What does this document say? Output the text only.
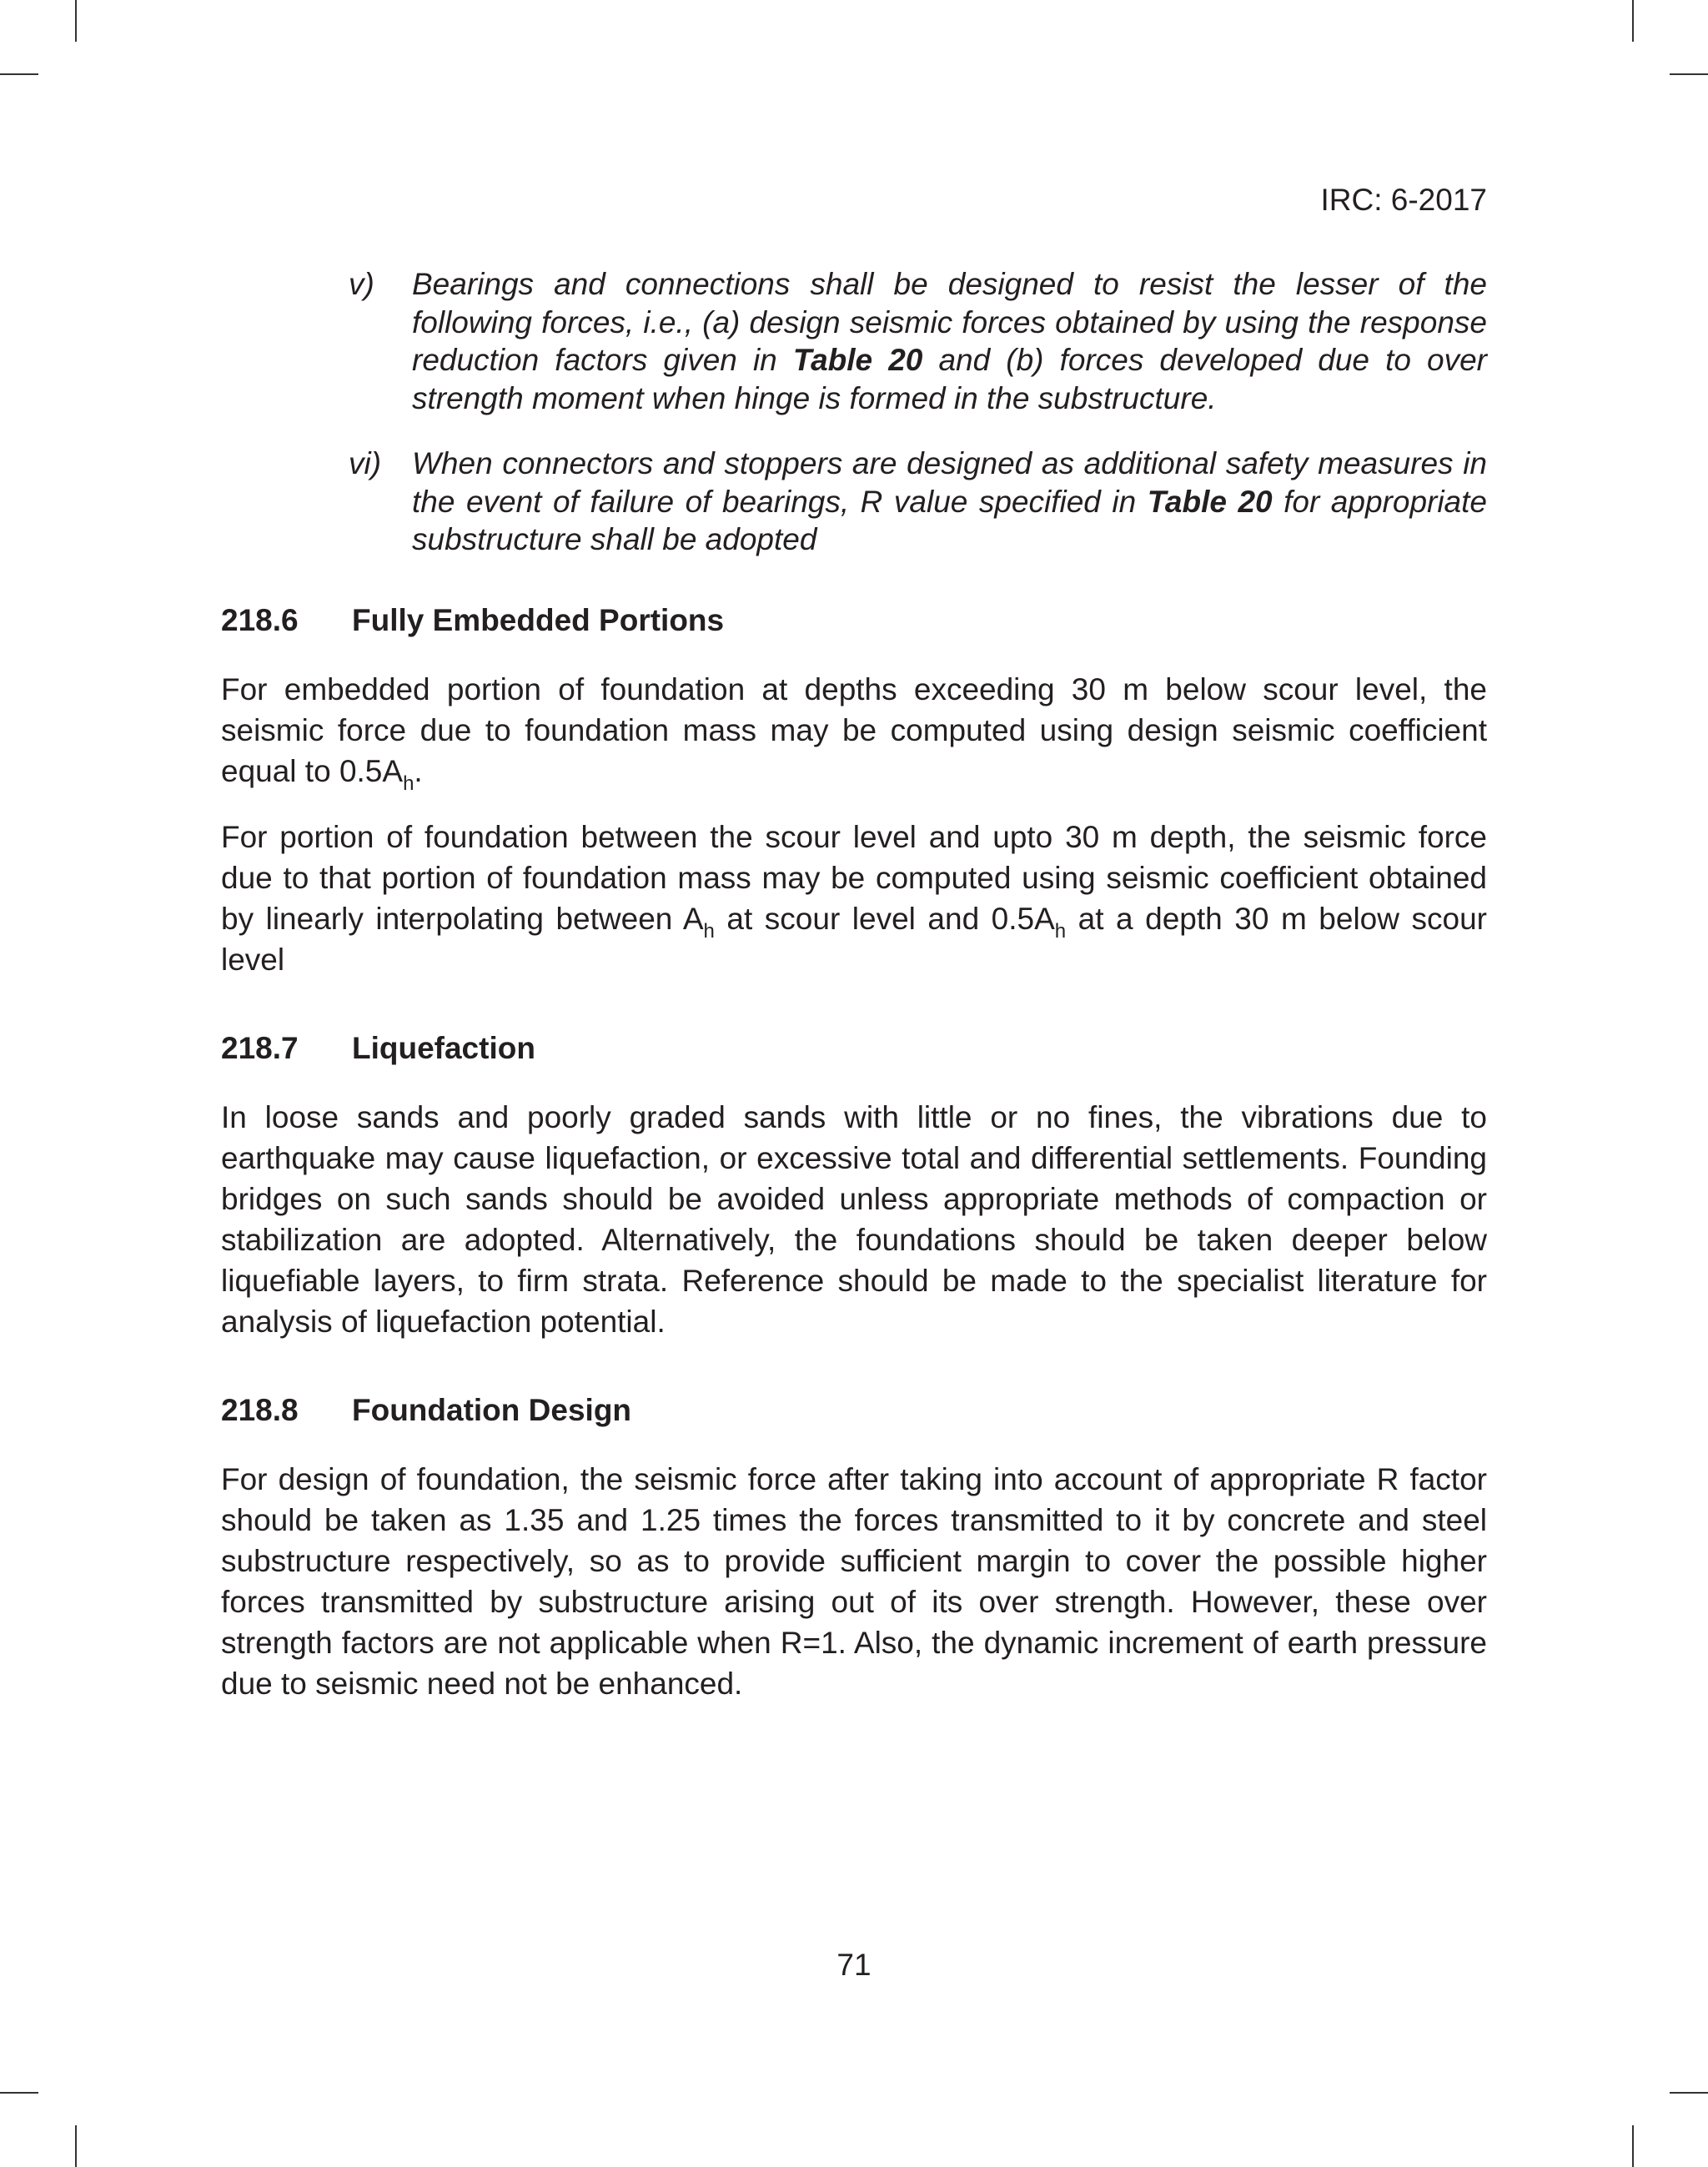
IRC: 6-2017
v)	Bearings and connections shall be designed to resist the lesser of the following forces, i.e., (a) design seismic forces obtained by using the response reduction factors given in Table 20 and (b) forces developed due to over strength moment when hinge is formed in the substructure.
vi) When connectors and stoppers are designed as additional safety measures in the event of failure of bearings, R value specified in Table 20 for appropriate substructure shall be adopted
218.6	Fully Embedded Portions

For embedded portion of foundation at depths exceeding 30 m below scour level, the seismic force due to foundation mass may be computed using design seismic coefficient equal to $0.5A_h$.

For portion of foundation between the scour level and upto 30 m depth, the seismic force due to that portion of foundation mass may be computed using seismic coefficient obtained by linearly interpolating between $A_h$ at scour level and $0.5A_h$ at a depth 30 m below scour level

218.7	Liquefaction

In loose sands and poorly graded sands with little or no fines, the vibrations due to earthquake may cause liquefaction, or excessive total and differential settlements. Founding bridges on such sands should be avoided unless appropriate methods of compaction or stabilization are adopted. Alternatively, the foundations should be taken deeper below liquefiable layers, to firm strata. Reference should be made to the specialist literature for analysis of liquefaction potential.

218.8	Foundation Design

For design of foundation, the seismic force after taking into account of appropriate R factor should be taken as 1.35 and 1.25 times the forces transmitted to it by concrete and steel substructure respectively, so as to provide sufficient margin to cover the possible higher forces transmitted by substructure arising out of its over strength. However, these over strength factors are not applicable when R=1. Also, the dynamic increment of earth pressure due to seismic need not be enhanced.

71
